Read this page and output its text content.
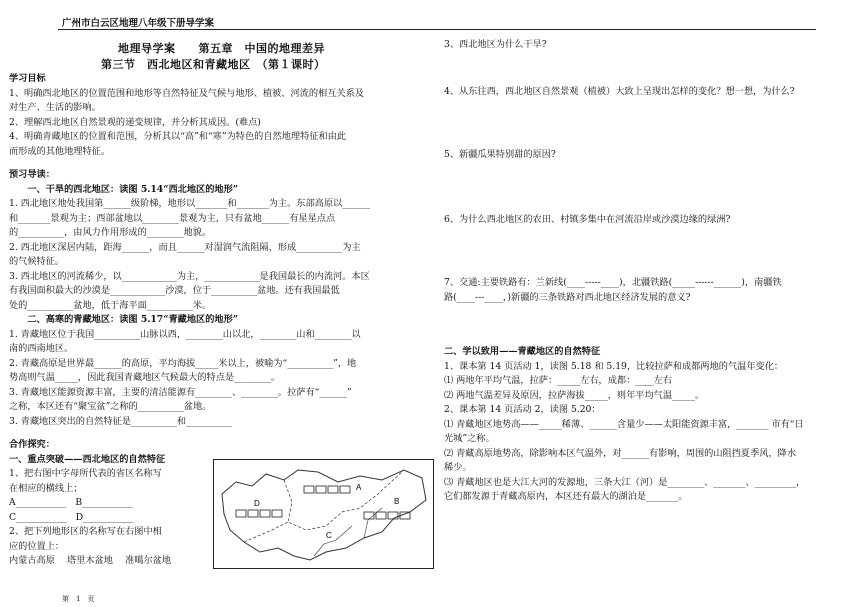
广州市白云区地理八年级下册导学案
地理导学案　　第五章　中国的地理差异
第三节　西北地区和青藏地区　（第１课时）
学习目标
1、明确西北地区的位置范围和地形等自然特征及气候与地形、植被、河流的相互关系及
对生产、生活的影响。
2、理解西北地区自然景观的递变规律，并分析其成因。(难点)
4、明确青藏地区的位置和范围，分析其以“高”和“寒”为特色的自然地理特征和由此
而形成的其他地理特征。
预习导读：
　　一、干旱的西北地区：读图 5.14“西北地区的地形”
1. 西北地区地处我国第______级阶梯，地形以_______和_______为主。东部高原以______
和_______景观为主；西部盆地以________景观为主，只有盆地______有星星点点
的__________，由风力作用形成的________地貌。
2. 西北地区深居内陆，距海______，而且______对湿润气流阻隔，形成__________为主
的气候特征。
3. 西北地区的河流稀少，以____________为主，____________是我国最长的内流河。本区
有我国面积最大的沙漠是____________沙漠，位于__________盆地。还有我国最低
处的__________盆地，低于海平面__________米。
　　二、高寒的青藏地区：读图 5.17“青藏地区的地形”
1. 青藏地区位于我国__________山脉以西，________山以北，________山和________以
南的西南地区。
2. 青藏高原是世界最______的高原，平均海拔_____米以上，被喻为“__________”，地
势高则气温_____，因此我国青藏地区气候最大的特点是________。
3. 青藏地区能源资源丰富，主要的清洁能源有________、________。拉萨有“______”
之称，本区还有“聚宝盆”之称的__________盆地。
3. 青藏地区突出的自然特征是__________和__________
合作探究：
一、重点突破——西北地区的自然特征
1、把右图中字母所代表的省区名称写
在相应的横线上；
A___________　B___________
C___________　D___________
2、把下列地形区的名称写在右图中相
应的位置上：
内蒙古高原　 塔里木盆地　 准噶尔盆地
A
B
C
D
3、西北地区为什么干旱?
4、从东往西，西北地区自然景观（植被）大致上呈现出怎样的变化？想一想，为什么?
5、新疆瓜果特别甜的原因?
6、为什么西北地区的农田、村镇多集中在河流沿岸或沙漠边缘的绿洲?
7、交通:主要铁路有：兰新线(____-----____)，北疆铁路(_____------______)，南疆铁
路(____---____，)新疆的三条铁路对西北地区经济发展的意义?
二、学以致用——青藏地区的自然特征
1、课本第 14 页活动 1，读图 5.18 和 5.19，比较拉萨和成都两地的气温年变化：
⑴ 两地年平均气温，拉萨：_____左右，成都：____左右
⑵ 两地气温差异及原因，拉萨海拔_____，则年平均气温_____。
2、课本第 14 页活动 2，读图 5.20：
⑴ 青藏地区地势高——_____稀薄、______含量少——太阳能资源丰富，_______ 市有“日
光城”之称。
⑵ 青藏高原地势高，除影响本区气温外，对______有影响，周围的山阻挡夏季风，降水
稀少。
⑶ 青藏地区也是大江大河的发源地，三条大江（河）是________、_______、_________，
它们都发源于青藏高原内，本区还有最大的湖泊是_______。
第　1　页
